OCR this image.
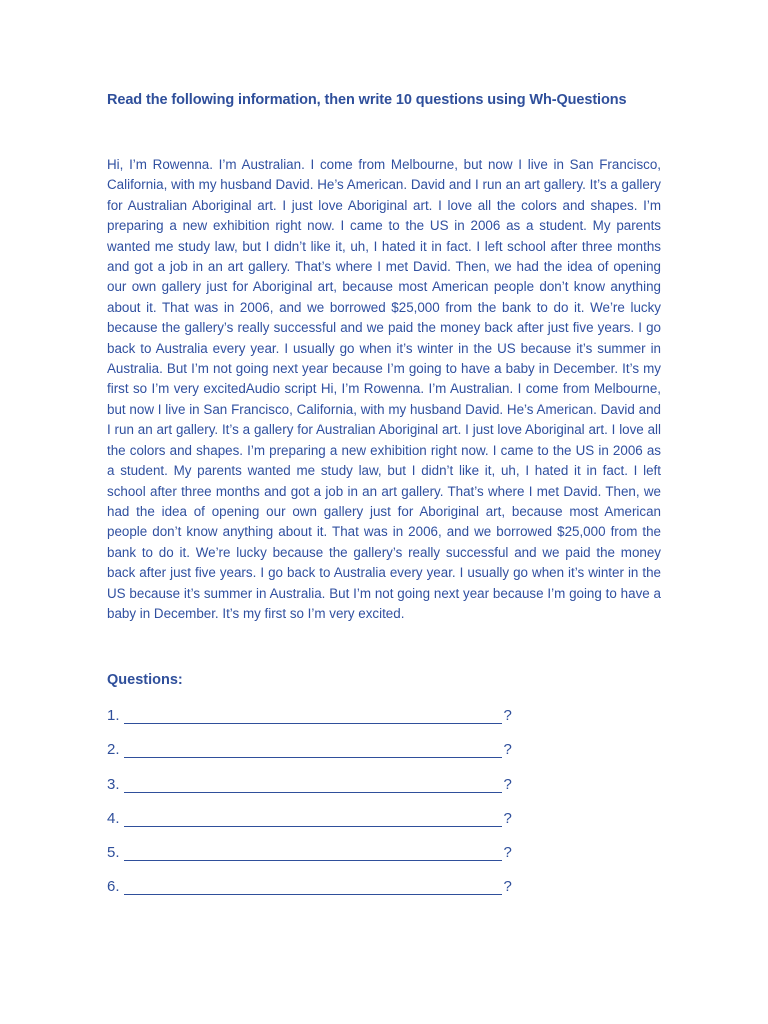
Read the following information, then write 10 questions using Wh-Questions

Hi, I’m Rowenna. I’m Australian. I come from Melbourne, but now I live in San Francisco, California, with my husband David. He’s American. David and I run an art gallery. It’s a gallery for Australian Aboriginal art. I just love Aboriginal art. I love all the colors and shapes. I’m preparing a new exhibition right now. I came to the US in 2006 as a student. My parents wanted me study law, but I didn’t like it, uh, I hated it in fact. I left school after three months and got a job in an art gallery. That’s where I met David. Then, we had the idea of opening our own gallery just for Aboriginal art, because most American people don’t know anything about it. That was in 2006, and we borrowed $25,000 from the bank to do it. We’re lucky because the gallery’s really successful and we paid the money back after just five years. I go back to Australia every year. I usually go when it’s winter in the US because it’s summer in Australia. But I’m not going next year because I’m going to have a baby in December. It’s my first so I’m very excitedAudio script Hi, I’m Rowenna. I’m Australian. I come from Melbourne, but now I live in San Francisco, California, with my husband David. He’s American. David and I run an art gallery. It’s a gallery for Australian Aboriginal art. I just love Aboriginal art. I love all the colors and shapes. I’m preparing a new exhibition right now. I came to the US in 2006 as a student. My parents wanted me study law, but I didn’t like it, uh, I hated it in fact. I left school after three months and got a job in an art gallery. That’s where I met David. Then, we had the idea of opening our own gallery just for Aboriginal art, because most American people don’t know anything about it. That was in 2006, and we borrowed $25,000 from the bank to do it. We’re lucky because the gallery’s really successful and we paid the money back after just five years. I go back to Australia every year. I usually go when it’s winter in the US because it’s summer in Australia. But I’m not going next year because I’m going to have a baby in December. It’s my first so I’m very excited.

Questions:
1.	?
2.	?
3.	?
4.	?
5.	?
6.	?
